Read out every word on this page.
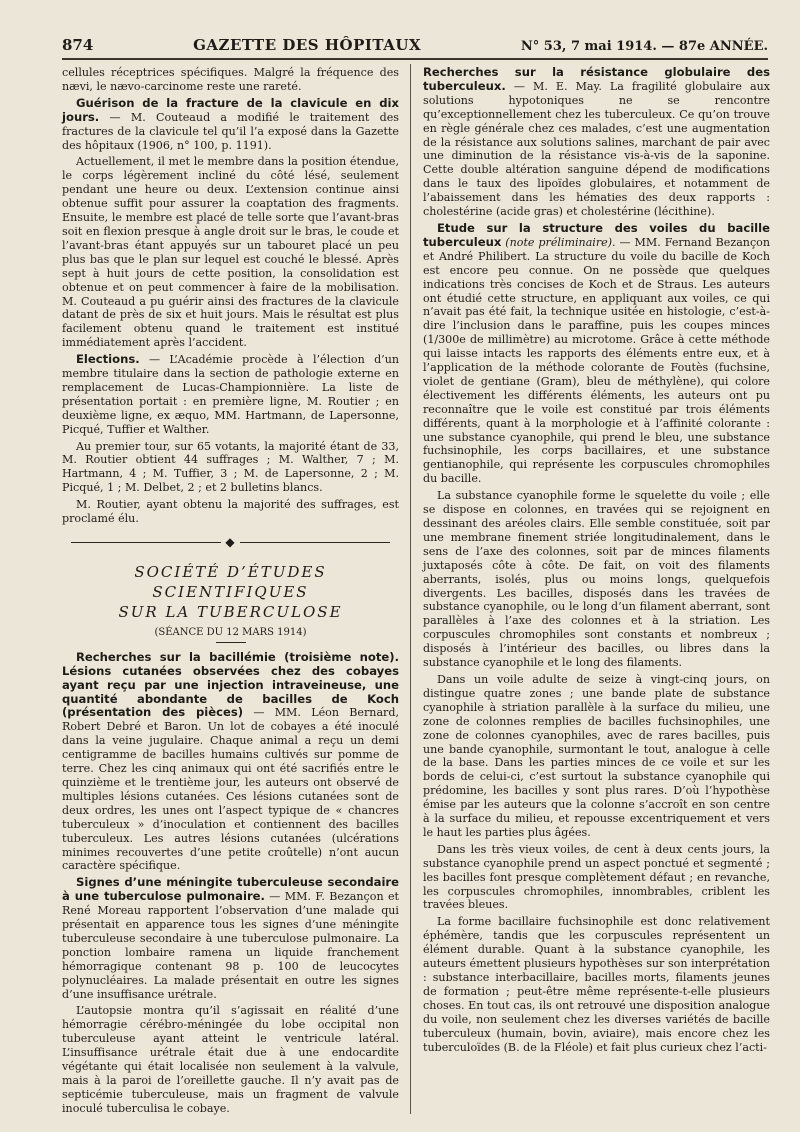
874	GAZETTE DES HÔPITAUX	N° 53, 7 mai 1914. — 87e ANNÉE.

cellules réceptrices spécifiques. Malgré la fréquence des nævi, le nævo-carcinome reste une rareté.

Guérison de la fracture de la clavicule en dix jours. — M. Couteaud a modifié le traitement des fractures de la clavicule tel qu’il l’a exposé dans la Gazette des hôpitaux (1906, n° 100, p. 1191).

Actuellement, il met le membre dans la position étendue, le corps légèrement incliné du côté lésé, seulement pendant une heure ou deux. L’extension continue ainsi obtenue suffit pour assurer la coaptation des fragments. Ensuite, le membre est placé de telle sorte que l’avant-bras soit en flexion presque à angle droit sur le bras, le coude et l’avant-bras étant appuyés sur un tabouret placé un peu plus bas que le plan sur lequel est couché le blessé. Après sept à huit jours de cette position, la consolidation est obtenue et on peut commencer à faire de la mobilisation. M. Couteaud a pu guérir ainsi des fractures de la clavicule datant de près de six et huit jours. Mais le résultat est plus facilement obtenu quand le traitement est institué immédiatement après l’accident.

Elections. — L’Académie procède à l’élection d’un membre titulaire dans la section de pathologie externe en remplacement de Lucas-Championnière. La liste de présentation portait : en première ligne, M. Routier ; en deuxième ligne, ex æquo, MM. Hartmann, de Lapersonne, Picqué, Tuffier et Walther.

Au premier tour, sur 65 votants, la majorité étant de 33, M. Routier obtient 44 suffrages ; M. Walther, 7 ; M. Hartmann, 4 ; M. Tuffier, 3 ; M. de Lapersonne, 2 ; M. Picqué, 1 ; M. Delbet, 2 ; et 2 bulletins blancs.

M. Routier, ayant obtenu la majorité des suffrages, est proclamé élu.

◆
SOCIÉTÉ D’ÉTUDES SCIENTIFIQUES
SUR LA TUBERCULOSE
(SÉANCE DU 12 MARS 1914)

Recherches sur la bacillémie (troisième note). Lésions cutanées observées chez des cobayes ayant reçu par une injection intraveineuse, une quantité abondante de bacilles de Koch (présentation des pièces) — MM. Léon Bernard, Robert Debré et Baron. Un lot de cobayes a été inoculé dans la veine jugulaire. Chaque animal a reçu un demi centigramme de bacilles humains cultivés sur pomme de terre. Chez les cinq animaux qui ont été sacrifiés entre le quinzième et le trentième jour, les auteurs ont observé de multiples lésions cutanées. Ces lésions cutanées sont de deux ordres, les unes ont l’aspect typique de « chancres tuberculeux » d’inoculation et contiennent des bacilles tuberculeux. Les autres lésions cutanées (ulcérations minimes recouvertes d’une petite croûtelle) n’ont aucun caractère spécifique.

Signes d’une méningite tuberculeuse secondaire à une tuberculose pulmonaire. — MM. F. Bezançon et René Moreau rapportent l’observation d’une malade qui présentait en apparence tous les signes d’une méningite tuberculeuse secondaire à une tuberculose pulmonaire. La ponction lombaire ramena un liquide franchement hémorragique contenant 98 p. 100 de leucocytes polynucléaires. La malade présentait en outre les signes d’une insuffisance urétrale.

L’autopsie montra qu’il s’agissait en réalité d’une hémorragie cérébro-méningée du lobe occipital non tuberculeuse ayant atteint le ventricule latéral. L’insuffisance urétrale était due à une endocardite végétante qui était localisée non seulement à la valvule, mais à la paroi de l’oreillette gauche. Il n’y avait pas de septicémie tuberculeuse, mais un fragment de valvule inoculé tuberculisa le cobaye.

Recherches sur la résistance globulaire des tuberculeux. — M. E. May. La fragilité globulaire aux solutions hypotoniques ne se rencontre qu’exceptionnellement chez les tuberculeux. Ce qu’on trouve en règle générale chez ces malades, c’est une augmentation de la résistance aux solutions salines, marchant de pair avec une diminution de la résistance vis-à-vis de la saponine. Cette double altération sanguine dépend de modifications dans le taux des lipoïdes globulaires, et notamment de l’abaissement dans les hématies des deux rapports : cholestérine (acide gras) et cholestérine (lécithine).

Etude sur la structure des voiles du bacille tuberculeux (note préliminaire). — MM. Fernand Bezançon et André Philibert. La structure du voile du bacille de Koch est encore peu connue. On ne possède que quelques indications très concises de Koch et de Straus. Les auteurs ont étudié cette structure, en appliquant aux voiles, ce qui n’avait pas été fait, la technique usitée en histologie, c’est-à-dire l’inclusion dans le paraffine, puis les coupes minces (1/300e de millimètre) au microtome. Grâce à cette méthode qui laisse intacts les rapports des éléments entre eux, et à l’application de la méthode colorante de Foutès (fuchsine, violet de gentiane (Gram), bleu de méthylène), qui colore électivement les différents éléments, les auteurs ont pu reconnaître que le voile est constitué par trois éléments différents, quant à la morphologie et à l’affinité colorante : une substance cyanophile, qui prend le bleu, une substance fuchsinophile, les corps bacillaires, et une substance gentianophile, qui représente les corpuscules chromophiles du bacille.

La substance cyanophile forme le squelette du voile ; elle se dispose en colonnes, en travées qui se rejoignent en dessinant des aréoles clairs. Elle semble constituée, soit par une membrane finement striée longitudinalement, dans le sens de l’axe des colonnes, soit par de minces filaments juxtaposés côte à côte. De fait, on voit des filaments aberrants, isolés, plus ou moins longs, quelquefois divergents. Les bacilles, disposés dans les travées de substance cyanophile, ou le long d’un filament aberrant, sont parallèles à l’axe des colonnes et à la striation. Les corpuscules chromophiles sont constants et nombreux ; disposés à l’intérieur des bacilles, ou libres dans la substance cyanophile et le long des filaments.

Dans un voile adulte de seize à vingt-cinq jours, on distingue quatre zones ; une bande plate de substance cyanophile à striation parallèle à la surface du milieu, une zone de colonnes remplies de bacilles fuchsinophiles, une zone de colonnes cyanophiles, avec de rares bacilles, puis une bande cyanophile, surmontant le tout, analogue à celle de la base. Dans les parties minces de ce voile et sur les bords de celui-ci, c’est surtout la substance cyanophile qui prédomine, les bacilles y sont plus rares. D’où l’hypothèse émise par les auteurs que la colonne s’accroît en son centre à la surface du milieu, et repousse excentriquement et vers le haut les parties plus âgées.

Dans les très vieux voiles, de cent à deux cents jours, la substance cyanophile prend un aspect ponctué et segmenté ; les bacilles font presque complètement défaut ; en revanche, les corpuscules chromophiles, innombrables, criblent les travées bleues.

La forme bacillaire fuchsinophile est donc relativement éphémère, tandis que les corpuscules représentent un élément durable. Quant à la substance cyanophile, les auteurs émettent plusieurs hypothèses sur son interprétation : substance interbacillaire, bacilles morts, filaments jeunes de formation ; peut-être même représente-t-elle plusieurs choses. En tout cas, ils ont retrouvé une disposition analogue du voile, non seulement chez les diverses variétés de bacille tuberculeux (humain, bovin, aviaire), mais encore chez les tuberculoïdes (B. de la Fléole) et fait plus curieux chez l’acti-
